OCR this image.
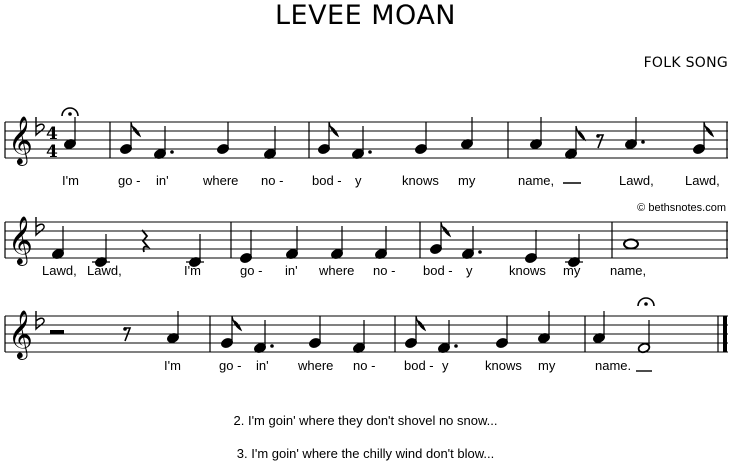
LEVEE MOAN
FOLK SONG
© bethsnotes.com
𝄞 4
4
I'm	go - in'	where no - bod - y	knows my	name,	Lawd, Lawd,
𝄞
Lawd, Lawd,	I'm	go - in' where no - bod - y	knows my name,
𝄞
I'm	go - in' where no - bod - y	knows my	name.
2. I'm goin' where they don't shovel no snow...
3. I'm goin' where the chilly wind don't blow...
